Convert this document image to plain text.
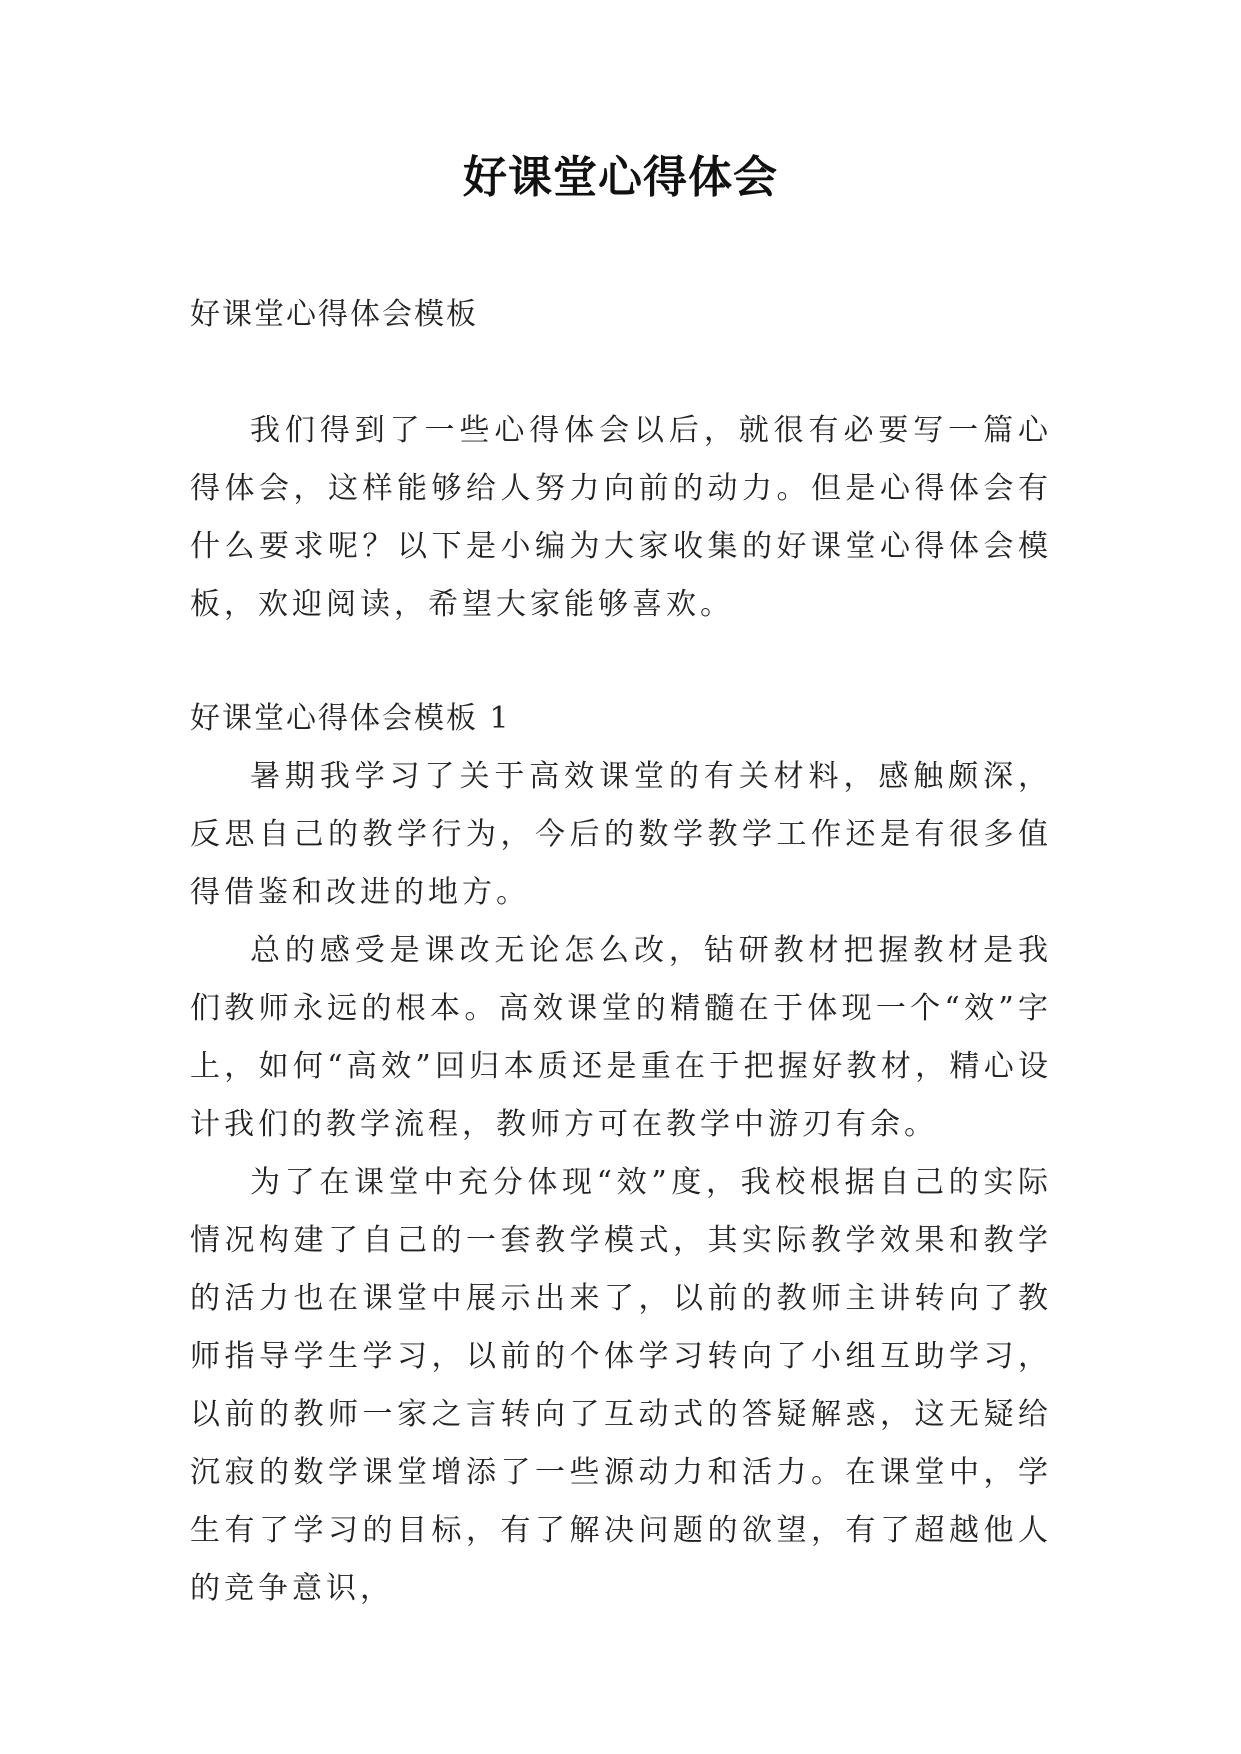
好课堂心得体会

好课堂心得体会模板

我们得到了一些心得体会以后，就很有必要写一篇心得体会，这样能够给人努力向前的动力。但是心得体会有什么要求呢？以下是小编为大家收集的好课堂心得体会模板，欢迎阅读，希望大家能够喜欢。

好课堂心得体会模板 1

暑期我学习了关于高效课堂的有关材料，感触颇深，反思自己的教学行为，今后的数学教学工作还是有很多值得借鉴和改进的地方。

总的感受是课改无论怎么改，钻研教材把握教材是我们教师永远的根本。高效课堂的精髓在于体现一个“效”字上，如何“高效”回归本质还是重在于把握好教材，精心设计我们的教学流程，教师方可在教学中游刃有余。

为了在课堂中充分体现“效”度，我校根据自己的实际情况构建了自己的一套教学模式，其实际教学效果和教学的活力也在课堂中展示出来了，以前的教师主讲转向了教师指导学生学习，以前的个体学习转向了小组互助学习，以前的教师一家之言转向了互动式的答疑解惑，这无疑给沉寂的数学课堂增添了一些源动力和活力。在课堂中，学生有了学习的目标，有了解决问题的欲望，有了超越他人的竞争意识，
